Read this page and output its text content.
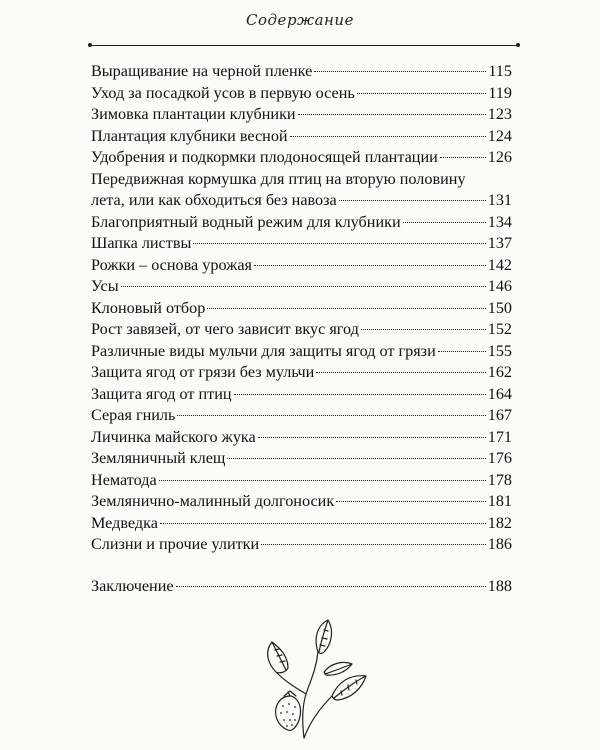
Содержание
Выращивание на черной пленке	115
Уход за посадкой усов в первую осень	119
Зимовка плантации клубники	123
Плантация клубники весной	124
Удобрения и подкормки плодоносящей плантации	126
Передвижная кормушка для птиц на вторую половину
лета, или как обходиться без навоза	131
Благоприятный водный режим для клубники	134
Шапка листвы	137
Рожки – основа урожая	142
Усы	146
Клоновый отбор	150
Рост завязей, от чего зависит вкус ягод	152
Различные виды мульчи для защиты ягод от грязи	155
Защита ягод от грязи без мульчи	162
Защита ягод от птиц	164
Серая гниль	167
Личинка майского жука	171
Земляничный клещ	176
Нематода	178
Землянично-малинный долгоносик	181
Медведка	182
Слизни и прочие улитки	186
Заключение	188
